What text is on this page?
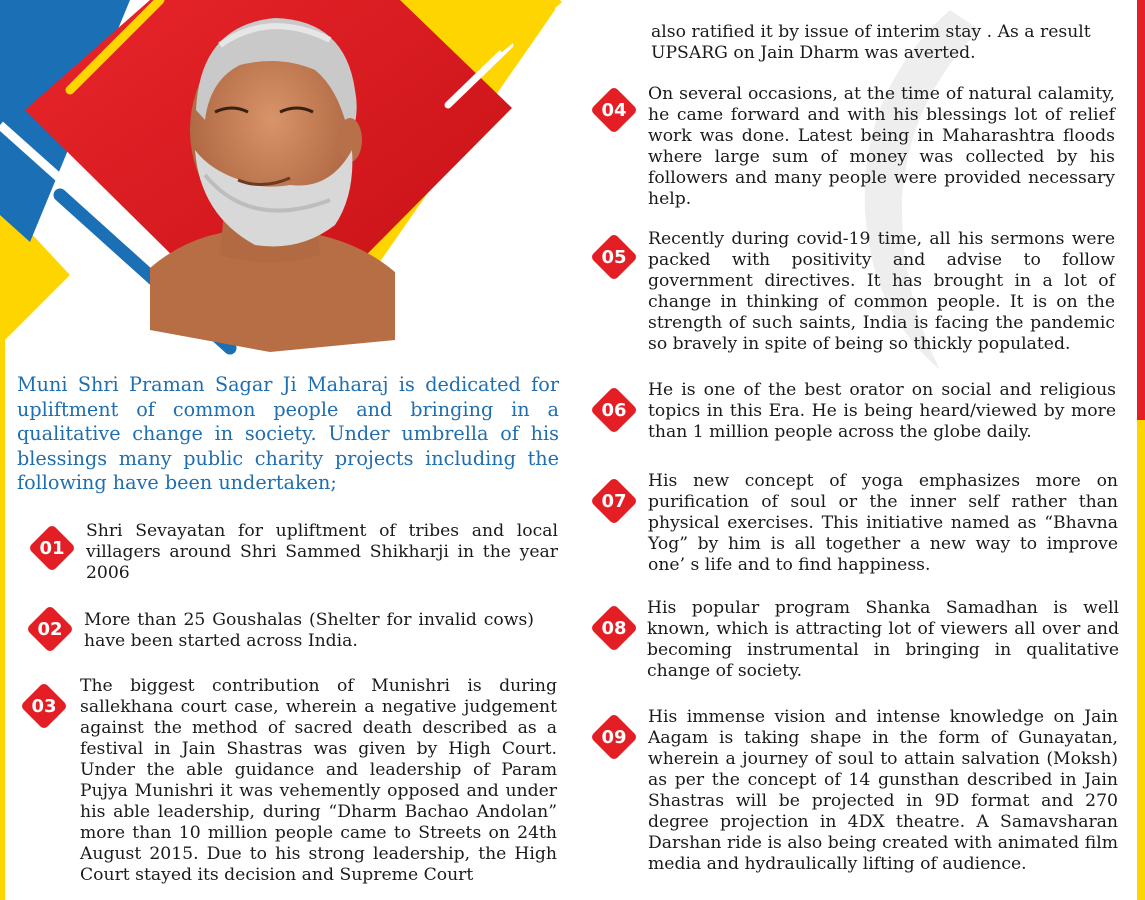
Muni Shri Praman Sagar Ji Maharaj is dedicated for upliftment of common people and bringing in a qualitative change in society. Under umbrella of his blessings many public charity projects including the following have been undertaken;

also ratified it by issue of interim stay . As a result UPSARG on Jain Dharm was averted.

01

Shri Sevayatan for upliftment of tribes and local villagers around Shri Sammed Shikharji in the year 2006

02	More than 25 Goushalas (Shelter for invalid cows) have been started across India.

03

The biggest contribution of Munishri is during sallekhana court case, wherein a negative judgement against the method of sacred death described as a festival in Jain Shastras was given by High Court. Under the able guidance and leadership of Param Pujya Munishri it was vehemently opposed and under his able leadership, during “Dharm Bachao Andolan” more than 10 million people came to Streets on 24th August 2015. Due to his strong leadership, the High Court stayed its decision and Supreme Court

04

On several occasions, at the time of natural calamity, he came forward and with his blessings lot of relief work was done. Latest being in Maharashtra floods where large sum of money was collected by his followers and many people were provided necessary help.

05

Recently during covid-19 time, all his sermons were packed with positivity and advise to follow government directives. It has brought in a lot of change in thinking of common people. It is on the strength of such saints, India is facing the pandemic so bravely in spite of being so thickly populated.

06

He is one of the best orator on social and religious topics in this Era. He is being heard/viewed by more than 1 million people across the globe daily.

07

His new concept of yoga emphasizes more on purification of soul or the inner self rather than physical exercises. This initiative named as “Bhavna Yog” by him is all together a new way to improve one’ s life and to find happiness.

08

His popular program Shanka Samadhan is well known, which is attracting lot of viewers all over and becoming instrumental in bringing in qualitative change of society.

09

His immense vision and intense knowledge on Jain Aagam is taking shape in the form of Gunayatan, wherein a journey of soul to attain salvation (Moksh) as per the concept of 14 gunsthan described in Jain Shastras will be projected in 9D format and 270 degree projection in 4DX theatre. A Samavsharan Darshan ride is also being created with animated film media and hydraulically lifting of audience.
